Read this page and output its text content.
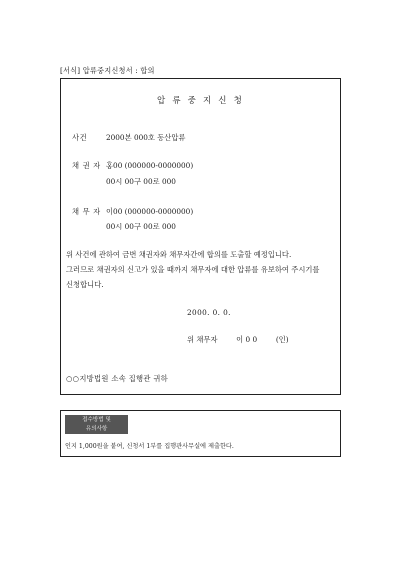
[서식] 압류중지신청서 : 합의
압 류 중 지 신 청
사건	2000본 000호 동산압류
채 권 자 홍00 (000000-0000000)
00시 00구 00로 000
채 무 자 이00 (000000-0000000)
00시 00구 00로 000
위 사건에 관하여 금번 채권자와 채무자간에 합의를 도출할 예정입니다.
그러므로 채권자의 신고가 있을 때까지 채무자에 대한 압류를 유보하여 주시기를
신청합니다.
2000. 0. 0.
위 채무자	이 0 0	(인)
○○지방법원 소속 집행관 귀하
접수방법 및
유의사항
인지 1,000원을 붙여, 신청서 1부를 집행관사무실에 제출한다.
